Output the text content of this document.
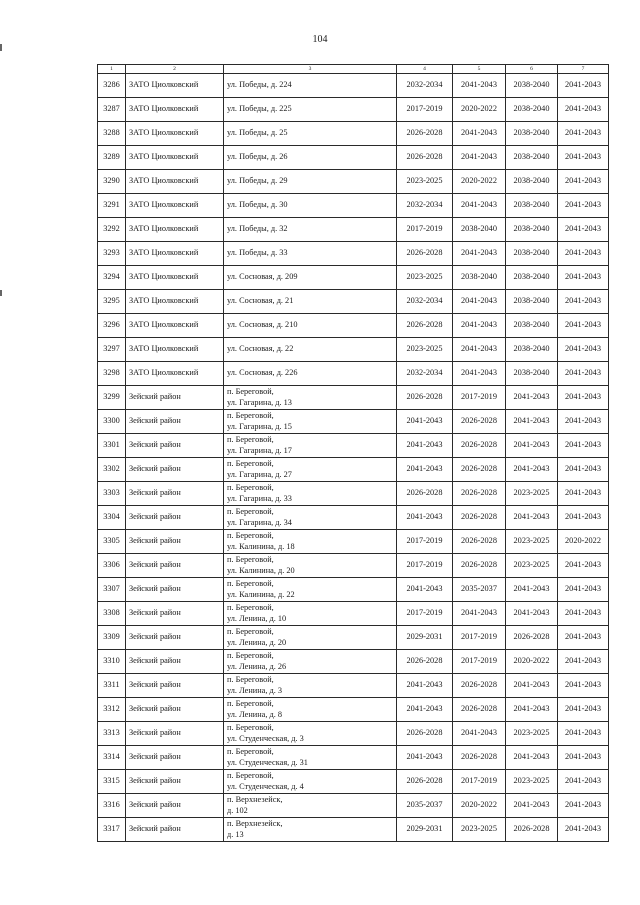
104
1	2	3	4	5	6	7
3286	ЗАТО Циолковский	ул. Победы, д. 224	2032-2034	2041-2043	2038-2040	2041-2043
3287	ЗАТО Циолковский	ул. Победы, д. 225	2017-2019	2020-2022	2038-2040	2041-2043
3288	ЗАТО Циолковский	ул. Победы, д. 25	2026-2028	2041-2043	2038-2040	2041-2043
3289	ЗАТО Циолковский	ул. Победы, д. 26	2026-2028	2041-2043	2038-2040	2041-2043
3290	ЗАТО Циолковский	ул. Победы, д. 29	2023-2025	2020-2022	2038-2040	2041-2043
3291	ЗАТО Циолковский	ул. Победы, д. 30	2032-2034	2041-2043	2038-2040	2041-2043
3292	ЗАТО Циолковский	ул. Победы, д. 32	2017-2019	2038-2040	2038-2040	2041-2043
3293	ЗАТО Циолковский	ул. Победы, д. 33	2026-2028	2041-2043	2038-2040	2041-2043
3294	ЗАТО Циолковский	ул. Сосновая, д. 209	2023-2025	2038-2040	2038-2040	2041-2043
3295	ЗАТО Циолковский	ул. Сосновая, д. 21	2032-2034	2041-2043	2038-2040	2041-2043
3296	ЗАТО Циолковский	ул. Сосновая, д. 210	2026-2028	2041-2043	2038-2040	2041-2043
3297	ЗАТО Циолковский	ул. Сосновая, д. 22	2023-2025	2041-2043	2038-2040	2041-2043
3298	ЗАТО Циолковский	ул. Сосновая, д. 226	2032-2034	2041-2043	2038-2040	2041-2043
3299	Зейский район	п. Береговой,
ул. Гагарина, д. 13	2026-2028	2017-2019	2041-2043	2041-2043
3300	Зейский район	п. Береговой,
ул. Гагарина, д. 15	2041-2043	2026-2028	2041-2043	2041-2043
3301	Зейский район	п. Береговой,
ул. Гагарина, д. 17	2041-2043	2026-2028	2041-2043	2041-2043
3302	Зейский район	п. Береговой,
ул. Гагарина, д. 27	2041-2043	2026-2028	2041-2043	2041-2043
3303	Зейский район	п. Береговой,
ул. Гагарина, д. 33	2026-2028	2026-2028	2023-2025	2041-2043
3304	Зейский район	п. Береговой,
ул. Гагарина, д. 34	2041-2043	2026-2028	2041-2043	2041-2043
3305	Зейский район	п. Береговой,
ул. Калинина, д. 18	2017-2019	2026-2028	2023-2025	2020-2022
3306	Зейский район	п. Береговой,
ул. Калинина, д. 20	2017-2019	2026-2028	2023-2025	2041-2043
3307	Зейский район	п. Береговой,
ул. Калинина, д. 22	2041-2043	2035-2037	2041-2043	2041-2043
3308	Зейский район	п. Береговой,
ул. Ленина, д. 10	2017-2019	2041-2043	2041-2043	2041-2043
3309	Зейский район	п. Береговой,
ул. Ленина, д. 20	2029-2031	2017-2019	2026-2028	2041-2043
3310	Зейский район	п. Береговой,
ул. Ленина, д. 26	2026-2028	2017-2019	2020-2022	2041-2043
3311	Зейский район	п. Береговой,
ул. Ленина, д. 3	2041-2043	2026-2028	2041-2043	2041-2043
3312	Зейский район	п. Береговой,
ул. Ленина, д. 8	2041-2043	2026-2028	2041-2043	2041-2043
3313	Зейский район	п. Береговой,
ул. Студенческая, д. 3	2026-2028	2041-2043	2023-2025	2041-2043
3314	Зейский район	п. Береговой,
ул. Студенческая, д. 31	2041-2043	2026-2028	2041-2043	2041-2043
3315	Зейский район	п. Береговой,
ул. Студенческая, д. 4	2026-2028	2017-2019	2023-2025	2041-2043
3316	Зейский район	п. Верхнезейск,
д. 102	2035-2037	2020-2022	2041-2043	2041-2043
3317	Зейский район	п. Верхнезейск,
д. 13	2029-2031	2023-2025	2026-2028	2041-2043
